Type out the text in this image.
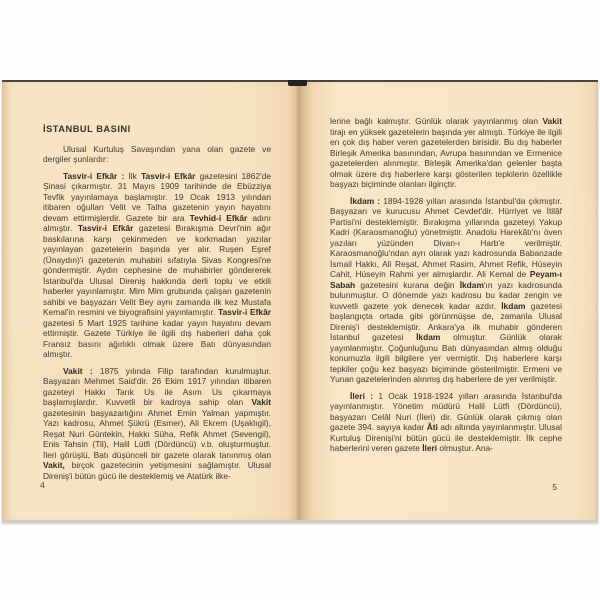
İSTANBUL BASINI

Ulusal Kurtuluş Savaşından yana olan gazete ve dergiler şunlardır:

Tasvir-i Efkâr : İlk Tasvir-i Efkâr gazetesini 1862'de Şinasi çıkarmıştır. 31 Mayıs 1909 tarihinde de Ebüzziya Tevfik yayınlamaya başlamıştır. 19 Ocak 1913 yılından itibaren oğulları Velit ve Talha gazetenin yayın hayatını devam ettirmişlerdir. Gazete bir ara Tevhid-i Efkâr adını almıştır. Tasvir-i Efkâr gazetesi Bırakışma Devri'nin ağır baskılarına karşı çekinmeden ve korkmadan yazılar yayınlayan gazetelerin başında yer alır. Ruşen Eşref (Ünaydın)'i gazetenin muhabiri sıfatıyla Sivas Kongresi'ne göndermiştir. Aydın cephesine de muhabirler göndererek İstanbul'da Ulusal Direniş hakkında derli toplu ve etkili haberler yayınlamıştır. Mim Mim grubunda çalışan gazetenin sahibi ve başyazarı Velit Bey aynı zamanda ilk kez Mustafa Kemal'in resmini ve biyografisini yayınlamıştır. Tasvir-i Efkâr gazetesi 5 Mart 1925 tarihine kadar yayın hayatını devam ettirmiştir. Gazete Türkiye ile ilgili dış haberleri daha çok Fransız basını ağırlıklı olmak üzere Batı dünyasından almıştır.

Vakit : 1875 yılında Filip tarafından kurulmuştur. Başyazarı Mehmet Said'dir. 26 Ekim 1917 yılından itibaren gazeteyi Hakkı Tarık Us ile Asım Us çıkarmaya başlamışlardır. Kuvvetli bir kadroya sahip olan Vakit gazetesinin başyazarlığını Ahmet Emin Yalman yapmıştır. Yazı kadrosu, Ahmet Şükrü (Esmer), Ali Ekrem (Uşaklıgil), Reşat Nuri Güntekin, Hakkı Süha, Refik Ahmet (Sevengil), Enis Tahsin (Til), Halil Lütfi (Dördüncü) v.b. oluşturmuştur. İleri görüşlü, Batı düşünceli bir gazete olarak tanınmış olan Vakit, birçok gazetecinin yetişmesini sağlamıştır. Ulusal Direniş'i bütün gücü ile desteklemiş ve Atatürk ilke-

4

lerine bağlı kalmıştır. Günlük olarak yayınlanmış olan Vakit tirajı en yüksek gazetelerin başında yer almıştı. Türkiye ile ilgili en çok dış haber veren gazetelerden birisidir. Bu dış haberler Birleşik Amerika basınından, Avrupa basınından ve Ermenice gazetelerden alınmıştır. Birleşik Amerika'dan gelenler başta olmak üzere dış haberlere karşı gösterilen tepkilerin özellikle başyazı biçiminde olanları ilginçtir.

İkdam : 1894-1928 yılları arasında İstanbul'da çıkmıştır. Başyazarı ve kurucusu Ahmet Cevdet'dir. Hürriyet ve İtilâf Partisi'ni desteklemiştir. Bırakışma yıllarında gazeteyi Yakup Kadri (Karaosmanoğlu) yönetmiştir. Anadolu Harekâtı'nı öven yazıları yüzünden Divan-ı Harb'e verilmiştir. Karaosmanoğlu'ndan ayrı olarak yazı kadrosunda Babanzade İsmail Hakkı, Ali Reşat, Ahmet Rasim, Ahmet Refik, Hüseyin Cahit, Hüseyin Rahmi yer almışlardır. Ali Kemal de Peyam-ı Sabah gazetesini kurana değin İkdam'ın yazı kadrosunda bulunmuştur. O dönemde yazı kadrosu bu kadar zengin ve kuvvetli gazete yok denecek kadar azdır. İkdam gazetesi başlangıçta ortada gibi görünmüşse de, zamanla Ulusal Direniş'i desteklemiştir. Ankara'ya ilk muhabir gönderen İstanbul gazetesi İkdam olmuştur. Günlük olarak yayınlanmıştır. Çoğunluğunu Batı dünyasından almış olduğu konumuzla ilgili bilgilere yer vermiştir. Dış haberlere karşı tepkiler çoğu kez başyazı biçiminde gösterilmiştir. Ermeni ve Yunan gazetelerinden alınmış dış haberlere de yer verilmiştir.

İleri : 1 Ocak 1918-1924 yılları arasında İstanbul'da yayınlanmıştır. Yönetim müdürü Halil Lütfi (Dördüncü), başyazarı Celâl Nuri (İleri) dir. Günlük olarak çıkmış olan gazete 394. sayıya kadar Âti adı altında yayınlanmıştır. Ulusal Kurtuluş Direnişi'ni bütün gücü ile desteklemiştir. İlk cephe haberlerini veren gazete İleri olmuştur. Ana-

5
